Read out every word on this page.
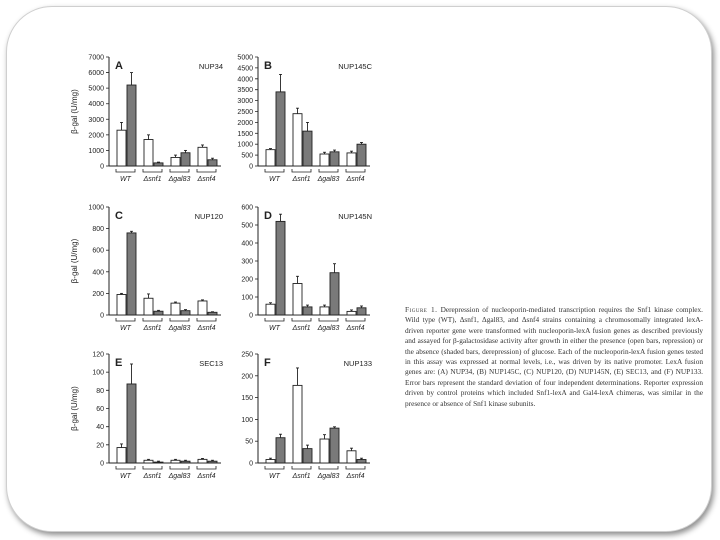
0
1000
2000
3000
4000
5000
6000
7000
A	NUP34
β-gal (U/mg)
WT Δsnf1 Δgal83 Δsnf4
0
500
1000
1500
2000
2500
3000
3500
4000
4500
5000
B	NUP145C
WT Δsnf1 Δgal83 Δsnf4
0
200
400
600
800
1000
C	NUP120
β-gal (U/mg)
WT Δsnf1 Δgal83 Δsnf4
0
100
200
300
400
500
600
D	NUP145N
WT Δsnf1 Δgal83 Δsnf4
0
20
40
60
80
100
120
E	SEC13
β-gal (U/mg)
WT Δsnf1 Δgal83 Δsnf4
0
50
100
150
200
250
F	NUP133
WT Δsnf1 Δgal83 Δsnf4
Figure 1. Derepression of nucleoporin-mediated transcription requires the Snf1 kinase complex. Wild type (WT), Δsnf1, Δgal83, and Δsnf4 strains containing a chromosomally integrated lexA-driven reporter gene were transformed with nucleoporin-lexA fusion genes as described previously and assayed for β-galactosidase activity after growth in either the presence (open bars, repression) or the absence (shaded bars, derepression) of glucose. Each of the nucleoporin-lexA fusion genes tested in this assay was expressed at normal levels, i.e., was driven by its native promoter. LexA fusion genes are: (A) NUP34, (B) NUP145C, (C) NUP120, (D) NUP145N, (E) SEC13, and (F) NUP133. Error bars represent the standard deviation of four independent determinations. Reporter expression driven by control proteins which included Snf1-lexA and Gal4-lexA chimeras, was similar in the presence or absence of Snf1 kinase subunits.
